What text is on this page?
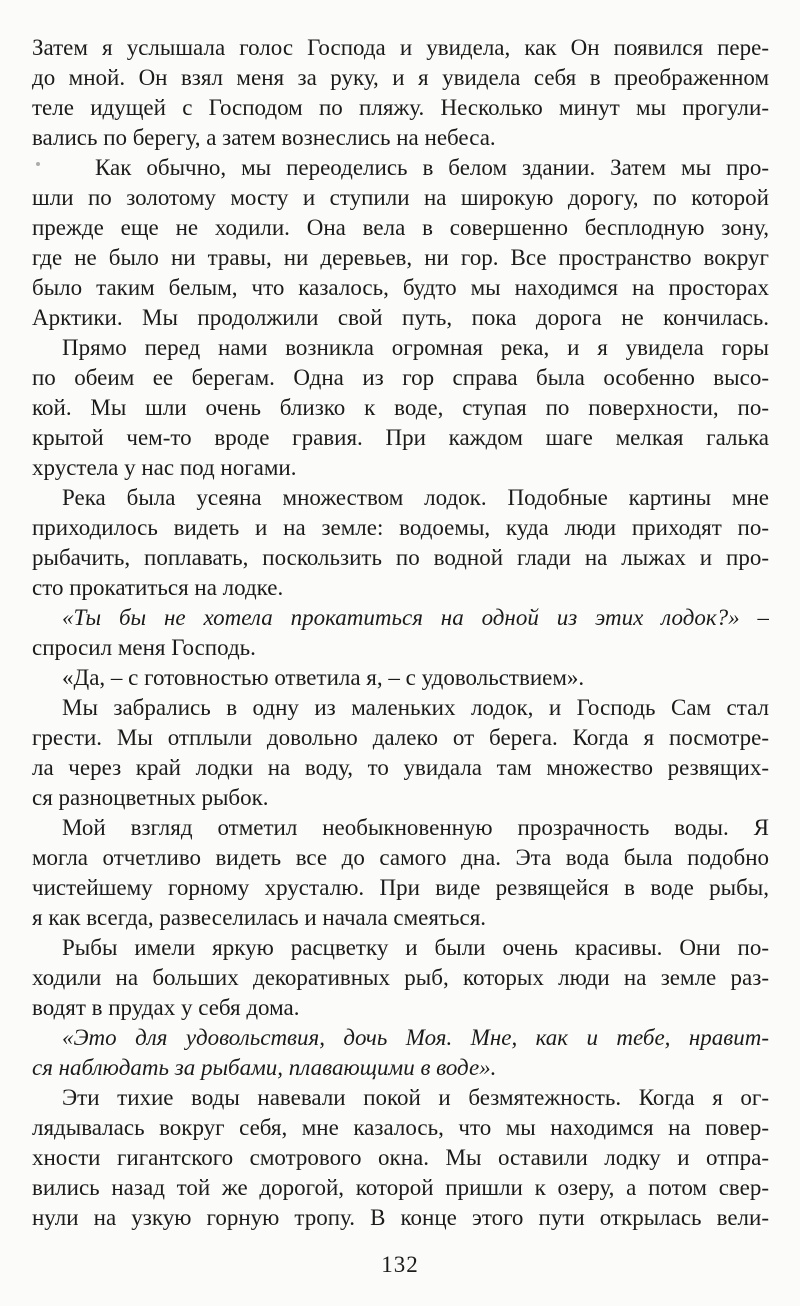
Затем я услышала голос Господа и увидела, как Он появился пере-
до мной. Он взял меня за руку, и я увидела себя в преображенном
теле идущей с Господом по пляжу. Несколько минут мы прогули-
вались по берегу, а затем вознеслись на небеса.
Как обычно, мы переоделись в белом здании. Затем мы про-
шли по золотому мосту и ступили на широкую дорогу, по которой
прежде еще не ходили. Она вела в совершенно бесплодную зону,
где не было ни травы, ни деревьев, ни гор. Все пространство вокруг
было таким белым, что казалось, будто мы находимся на просторах
Арктики. Мы продолжили свой путь, пока дорога не кончилась.
Прямо перед нами возникла огромная река, и я увидела горы
по обеим ее берегам. Одна из гор справа была особенно высо-
кой. Мы шли очень близко к воде, ступая по поверхности, по-
крытой чем-то вроде гравия. При каждом шаге мелкая галька
хрустела у нас под ногами.
Река была усеяна множеством лодок. Подобные картины мне
приходилось видеть и на земле: водоемы, куда люди приходят по-
рыбачить, поплавать, поскользить по водной глади на лыжах и про-
сто прокатиться на лодке.
«Ты бы не хотела прокатиться на одной из этих лодок?» –
спросил меня Господь.
«Да, – с готовностью ответила я, – с удовольствием».
Мы забрались в одну из маленьких лодок, и Господь Сам стал
грести. Мы отплыли довольно далеко от берега. Когда я посмотре-
ла через край лодки на воду, то увидала там множество резвящих-
ся разноцветных рыбок.
Мой взгляд отметил необыкновенную прозрачность воды. Я
могла отчетливо видеть все до самого дна. Эта вода была подобно
чистейшему горному хрусталю. При виде резвящейся в воде рыбы,
я как всегда, развеселилась и начала смеяться.
Рыбы имели яркую расцветку и были очень красивы. Они по-
ходили на больших декоративных рыб, которых люди на земле раз-
водят в прудах у себя дома.
«Это для удовольствия, дочь Моя. Мне, как и тебе, нравит-
ся наблюдать за рыбами, плавающими в воде».
Эти тихие воды навевали покой и безмятежность. Когда я ог-
лядывалась вокруг себя, мне казалось, что мы находимся на повер-
хности гигантского смотрового окна. Мы оставили лодку и отпра-
вились назад той же дорогой, которой пришли к озеру, а потом свер-
нули на узкую горную тропу. В конце этого пути открылась вели-
132
